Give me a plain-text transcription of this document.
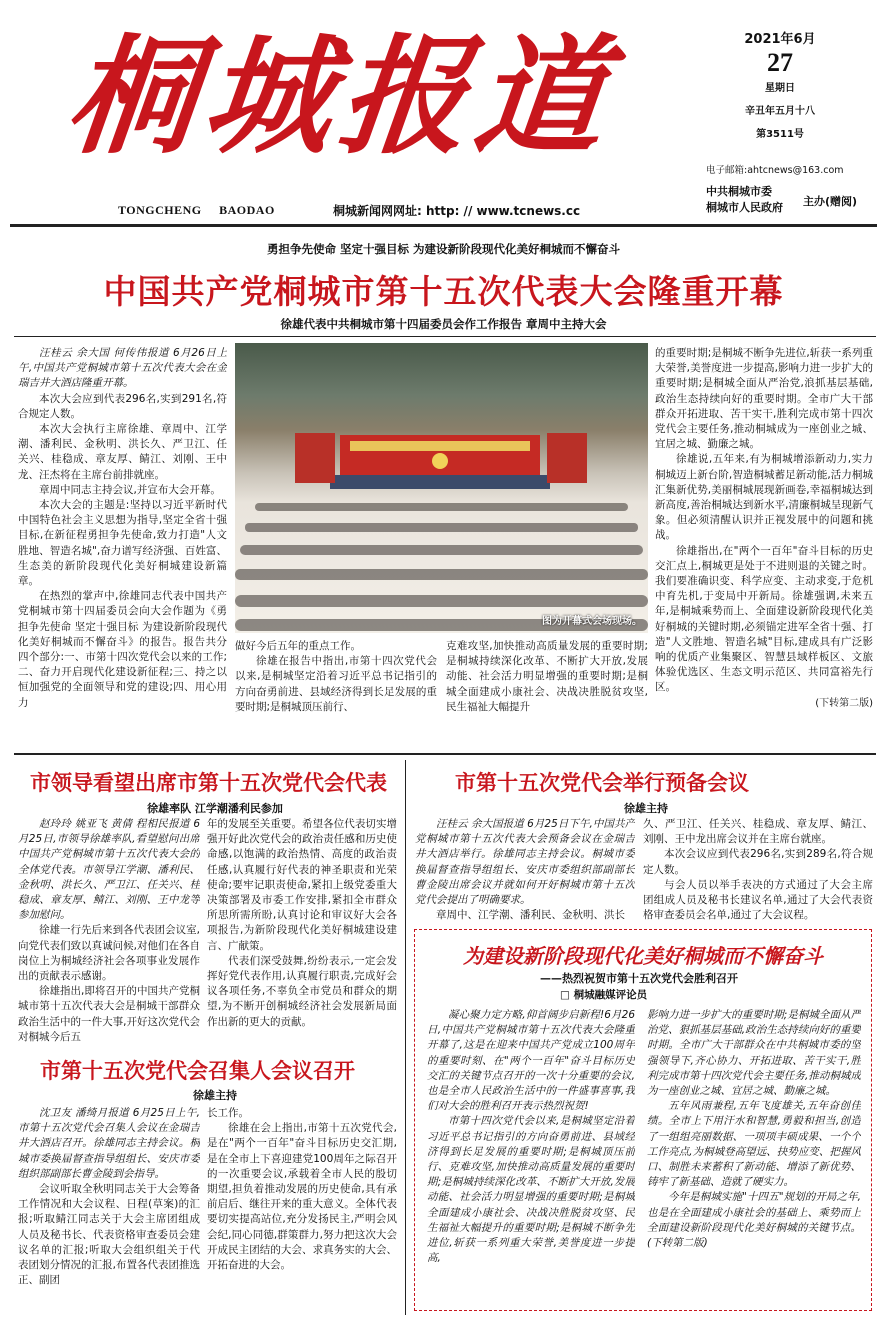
桐城报道
TONGCHENG BAODAO	桐城新闻网网址: http: // www.tcnews.cc
2021年6月
27
星期日
辛丑年五月十八
第3511号
电子邮箱:ahtcnews@163.com
中共桐城市委
桐城市人民政府 主办(赠阅)
勇担争先使命 坚定十强目标 为建设新阶段现代化美好桐城而不懈奋斗
中国共产党桐城市第十五次代表大会隆重开幕
徐雄代表中共桐城市第十四届委员会作工作报告 章周中主持大会
图为开幕式会场现场。

汪桂云 余大国 何传伟报道 6月26日上午,中国共产党桐城市第十五次代表大会在金瑞吉井大酒店隆重开幕。

本次大会应到代表296名,实到291名,符合规定人数。

本次大会执行主席徐雄、章周中、江学潮、潘利民、金秋明、洪长久、严卫江、任关兴、桂稳成、章友厚、鲭江、刘刚、王中龙、汪杰将在主席台前排就座。

章周中同志主持会议,并宣布大会开幕。

本次大会的主题是:坚持以习近平新时代中国特色社会主义思想为指导,坚定全省十强目标,在新征程勇担争先使命,致力打造"人文胜地、智造名城",奋力谱写经济强、百姓富、生态美的新阶段现代化美好桐城建设新篇章。

在热烈的掌声中,徐雄同志代表中国共产党桐城市第十四届委员会向大会作题为《勇担争先使命 坚定十强目标 为建设新阶段现代化美好桐城而不懈奋斗》的报告。报告共分四个部分:一、市第十四次党代会以来的工作;二、奋力开启现代化建设新征程;三、持之以恒加强党的全面领导和党的建设;四、用心用力

做好今后五年的重点工作。

徐雄在报告中指出,市第十四次党代会以来,是桐城坚定沿着习近平总书记指引的方向奋勇前进、县域经济得到长足发展的重要时期;是桐城顶压前行、

克难攻坚,加快推动高质量发展的重要时期;是桐城持续深化改革、不断扩大开放,发展动能、社会活力明显增强的重要时期;是桐城全面建成小康社会、决战决胜脱贫攻坚,民生福祉大幅提升

的重要时期;是桐城不断争先进位,斩获一系列重大荣誉,美誉度进一步提高,影响力进一步扩大的重要时期;是桐城全面从严治党,浪抓基层基础,政治生态持续向好的重要时期。全市广大干部群众开拓进取、苦干实干,胜利完成市第十四次党代会主要任务,推动桐城成为一座创业之城、宜居之城、勤廉之城。

徐雄说,五年来,有为桐城增添新动力,实力桐城迈上新台阶,智造桐城蓄足新动能,活力桐城汇集新优势,美丽桐城展现新画卷,幸福桐城达到新高度,善治桐城达到新水平,清廉桐城呈现新气象。但必须清醒认识并正视发展中的问题和挑战。

徐雄指出,在"两个一百年"奋斗目标的历史交汇点上,桐城更是处于不进则退的关键之时。我们要准确识变、科学应变、主动求变,于危机中育先机,于变局中开新局。徐雄强调,未来五年,是桐城乘势而上、全面建设新阶段现代化美好桐城的关键时期,必须锚定进军全省十强、打造"人文胜地、智造名城"目标,建成具有广泛影响的优质产业集聚区、智慧县域样板区、文旅体验优选区、生态文明示范区、共同富裕先行区。

(下转第二版)
市领导看望出席市第十五次党代会代表
徐雄率队 江学潮潘利民参加

赵玲玲 姚亚飞 黄倩 程相民报道 6月25日,市领导徐雄率队,看望慰问出席中国共产党桐城市第十五次代表大会的全体党代表。市领导江学潮、潘利民、金秋明、洪长久、严卫江、任关兴、桂稳成、章友厚、鲭江、刘刚、王中龙等参加慰问。

徐雄一行先后来到各代表团会议室,向党代表们致以真诚问候,对他们在各自岗位上为桐城经济社会各项事业发展作出的贡献表示感谢。

徐雄指出,即将召开的中国共产党桐城市第十五次代表大会是桐城干部群众政治生活中的一件大事,开好这次党代会对桐城今后五

年的发展至关重要。希望各位代表切实增强开好此次党代会的政治责任感和历史使命感,以饱满的政治热情、高度的政治责任感,认真履行好代表的神圣职责和光荣使命;要牢记职责使命,紧扣上级党委重大决策部署及市委工作安排,紧扣全市群众所思所需所盼,认真讨论和审议好大会各项报告,为新阶段现代化美好桐城建设建言、广献策。

代表们深受鼓舞,纷纷表示,一定会发挥好党代表作用,认真履行职责,完成好会议各项任务,不辜负全市党员和群众的期望,为不断开创桐城经济社会发展新局面作出新的更大的贡献。

市第十五次党代会召集人会议召开
徐雄主持

沈卫友 潘绮月报道 6月25日上午,市第十五次党代会召集人会议在金瑞吉井大酒店召开。徐雄同志主持会议。桐城市委换届督查指导组组长、安庆市委组织部副部长曹金陵到会指导。

会议听取全秋明同志关于大会筹备工作情况和大会议程、日程(草案)的汇报;听取鲭江同志关于大会主席团组成人员及秘书长、代表资格审查委员会建议名单的汇报;听取大会组织组关于代表团划分情况的汇报,布置各代表团推选正、副团

长工作。

徐雄在会上指出,市第十五次党代会,是在"两个一百年"奋斗目标历史交汇期,是在全市上下喜迎建党100周年之际召开的一次重要会议,承载着全市人民的殷切期望,担负着推动发展的历史使命,具有承前启后、继往开来的重大意义。全体代表要切实提高站位,充分发扬民主,严明会风会纪,同心同德,群策群力,努力把这次大会开成民主团结的大会、求真务实的大会、开拓奋进的大会。

市第十五次党代会举行预备会议
徐雄主持

汪桂云 余大国报道 6月25日下午,中国共产党桐城市第十五次代表大会预备会议在金瑞吉井大酒店举行。徐雄同志主持会议。桐城市委换届督查指导组组长、安庆市委组织部副部长曹金陵出席会议并就如何开好桐城市第十五次党代会提出了明确要求。

章周中、江学潮、潘利民、金秋明、洪长

久、严卫江、任关兴、桂稳成、章友厚、鲭江、刘刚、王中龙出席会议并在主席台就座。

本次会议应到代表296名,实到289名,符合规定人数。

与会人员以举手表决的方式通过了大会主席团组成人员及秘书长建议名单,通过了大会代表资格审查委员会名单,通过了大会议程。

为建设新阶段现代化美好桐城而不懈奋斗
——热烈祝贺市第十五次党代会胜利召开
□ 桐城融媒评论员

凝心聚力定方略,仰首阔步启新程!6月26日,中国共产党桐城市第十五次代表大会隆重开幕了,这是在迎来中国共产党成立100周年的重要时刻、在"两个一百年"奋斗目标历史交汇的关键节点召开的一次十分重要的会议,也是全市人民政治生活中的一件盛事喜事,我们对大会的胜利召开表示热烈祝贺!

市第十四次党代会以来,是桐城坚定沿着习近平总书记指引的方向奋勇前进、县域经济得到长足发展的重要时期;是桐城顶压前行、克难攻坚,加快推动高质量发展的重要时期;是桐城持续深化改革、不断扩大开放,发展动能、社会活力明显增强的重要时期;是桐城全面建成小康社会、决战决胜脱贫攻坚、民生福祉大幅提升的重要时期;是桐城不断争先进位,斩获一系列重大荣誉,美誉度进一步提高,

影响力进一步扩大的重要时期;是桐城全面从严治党、狠抓基层基础,政治生态持续向好的重要时期。全市广大干部群众在中共桐城市委的坚强领导下,齐心协力、开拓进取、苦干实干,胜利完成市第十四次党代会主要任务,推动桐城成为一座创业之城、宜居之城、勤廉之城。

五年风雨兼程,五年飞度雄关,五年奋创佳绩。全市上下用汗水和智慧,勇毅和担当,创造了一组组亮丽数据、一项项丰硕成果、一个个工作亮点,为桐城登高望远、抉势应变、把握风口、制胜未来蓄积了新动能、增添了新优势、铸牢了新基础、造就了硬实力。

今年是桐城实施"十四五"规划的开局之年,也是在全面建成小康社会的基础上、乘势而上全面建设新阶段现代化美好桐城的关键节点。(下转第二版)
